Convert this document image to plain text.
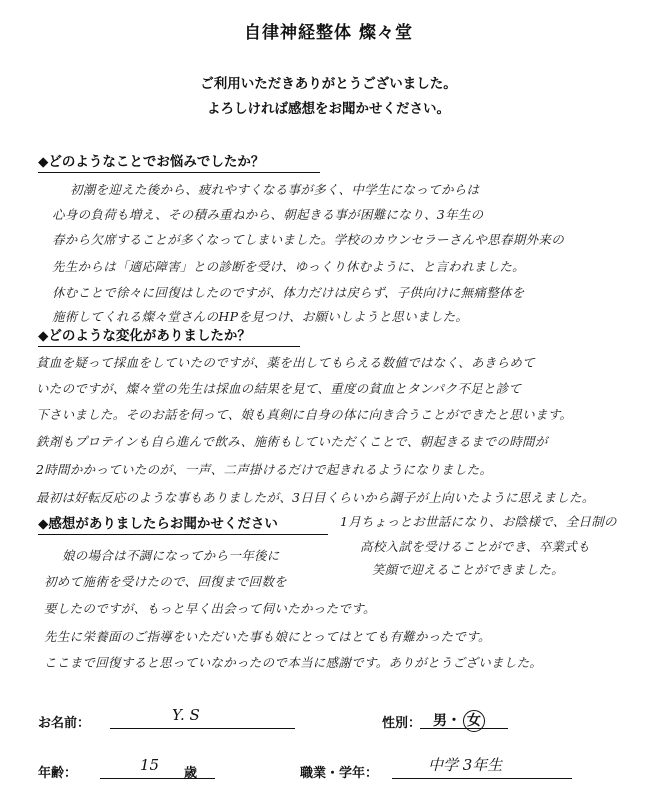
自律神経整体 燦々堂
ご利用いただきありがとうございました。
よろしければ感想をお聞かせください。
◆どのようなことでお悩みでしたか？
初潮を迎えた後から、疲れやすくなる事が多く、中学生になってからは
心身の負荷も増え、その積み重ねから、朝起きる事が困難になり、3年生の
春から欠席することが多くなってしまいました。学校のカウンセラーさんや思春期外来の
先生からは「適応障害」との診断を受け、ゆっくり休むように、と言われました。
休むことで徐々に回復はしたのですが、体力だけは戻らず、子供向けに無痛整体を
施術してくれる燦々堂さんのHPを見つけ、お願いしようと思いました。
◆どのような変化がありましたか？
貧血を疑って採血をしていたのですが、薬を出してもらえる数値ではなく、あきらめて
いたのですが、燦々堂の先生は採血の結果を見て、重度の貧血とタンパク不足と診て
下さいました。そのお話を伺って、娘も真剣に自身の体に向き合うことができたと思います。
鉄剤もプロテインも自ら進んで飲み、施術もしていただくことで、朝起きるまでの時間が
2時間かかっていたのが、一声、二声掛けるだけで起きれるようになりました。
最初は好転反応のような事もありましたが、3日目くらいから調子が上向いたように思えました。
◆感想がありましたらお聞かせください	1月ちょっとお世話になり、お陰様で、全日制の
高校入試を受けることができ、卒業式も
笑顔で迎えることができました。
娘の場合は不調になってから一年後に
初めて施術を受けたので、回復まで回数を
要したのですが、もっと早く出会って伺いたかったです。
先生に栄養面のご指導をいただいた事も娘にとってはとても有難かったです。
ここまで回復すると思っていなかったので本当に感謝です。ありがとうございました。
お名前：	Y. S	性別： 男・ 女
年齢：	15 歳	職業・学年：	中学 3年生
